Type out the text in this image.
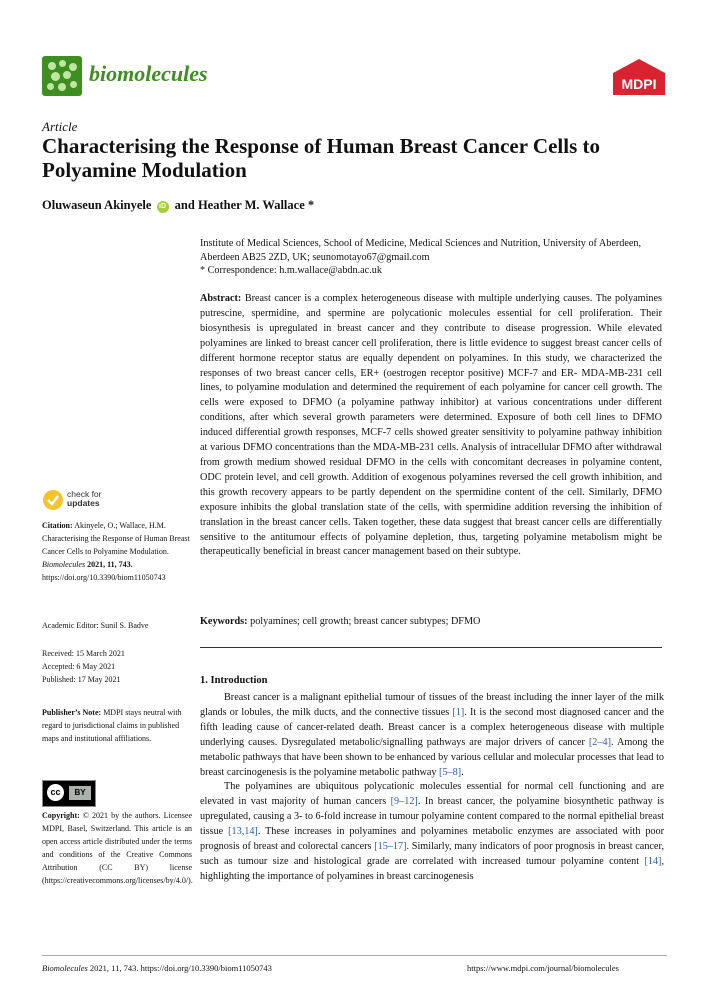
biomolecules	MDPI
Article
Characterising the Response of Human Breast Cancer Cells to Polyamine Modulation
Oluwaseun Akinyele iD and Heather M. Wallace *
Institute of Medical Sciences, School of Medicine, Medical Sciences and Nutrition, University of Aberdeen, Aberdeen AB25 2ZD, UK; seunomotayo67@gmail.com
* Correspondence: h.m.wallace@abdn.ac.uk
Abstract: Breast cancer is a complex heterogeneous disease with multiple underlying causes. The polyamines putrescine, spermidine, and spermine are polycationic molecules essential for cell proliferation. Their biosynthesis is upregulated in breast cancer and they contribute to disease progression. While elevated polyamines are linked to breast cancer cell proliferation, there is little evidence to suggest breast cancer cells of different hormone receptor status are equally dependent on polyamines. In this study, we characterized the responses of two breast cancer cells, ER+ (oestrogen receptor positive) MCF-7 and ER- MDA-MB-231 cell lines, to polyamine modulation and determined the requirement of each polyamine for cancer cell growth. The cells were exposed to DFMO (a polyamine pathway inhibitor) at various concentrations under different conditions, after which several growth parameters were determined. Exposure of both cell lines to DFMO induced differential growth responses, MCF-7 cells showed greater sensitivity to polyamine pathway inhibition at various DFMO concentrations than the MDA-MB-231 cells. Analysis of intracellular DFMO after withdrawal from growth medium showed residual DFMO in the cells with concomitant decreases in polyamine content, ODC protein level, and cell growth. Addition of exogenous polyamines reversed the cell growth inhibition, and this growth recovery appears to be partly dependent on the spermidine content of the cell. Similarly, DFMO exposure inhibits the global translation state of the cells, with spermidine addition reversing the inhibition of translation in the breast cancer cells. Taken together, these data suggest that breast cancer cells are differentially sensitive to the antitumour effects of polyamine depletion, thus, targeting polyamine metabolism might be therapeutically beneficial in breast cancer management based on their subtype.
Keywords: polyamines; cell growth; breast cancer subtypes; DFMO
1. Introduction

Breast cancer is a malignant epithelial tumour of tissues of the breast including the inner layer of the milk glands or lobules, the milk ducts, and the connective tissues [1]. It is the second most diagnosed cancer and the fifth leading cause of cancer-related death. Breast cancer is a complex heterogeneous disease with multiple underlying causes. Dysregulated metabolic/signalling pathways are major drivers of cancer [2–4]. Among the metabolic pathways that have been shown to be enhanced by various cellular and molecular processes that lead to breast carcinogenesis is the polyamine metabolic pathway [5–8].

The polyamines are ubiquitous polycationic molecules essential for normal cell functioning and are elevated in vast majority of human cancers [9–12]. In breast cancer, the polyamine biosynthetic pathway is upregulated, causing a 3- to 6-fold increase in tumour polyamine content compared to the normal epithelial breast tissue [13,14]. These increases in polyamines and polyamines metabolic enzymes are associated with poor prognosis of breast and colorectal cancers [15–17]. Similarly, many indicators of poor prognosis in breast cancer, such as tumour size and histological grade are correlated with increased tumour polyamine content [14], highlighting the importance of polyamines in breast carcinogenesis

check for
updates
Citation: Akinyele, O.; Wallace, H.M. Characterising the Response of Human Breast Cancer Cells to Polyamine Modulation. Biomolecules 2021, 11, 743. https://doi.org/10.3390/biom11050743
Academic Editor: Sunil S. Badve
Received: 15 March 2021
Accepted: 6 May 2021
Published: 17 May 2021
Publisher’s Note: MDPI stays neutral with regard to jurisdictional claims in published maps and institutional affiliations.
cc	BY
Copyright: © 2021 by the authors. Licensee MDPI, Basel, Switzerland. This article is an open access article distributed under the terms and conditions of the Creative Commons Attribution (CC BY) license (https://creativecommons.org/licenses/by/4.0/).
Biomolecules 2021, 11, 743. https://doi.org/10.3390/biom11050743	https://www.mdpi.com/journal/biomolecules
